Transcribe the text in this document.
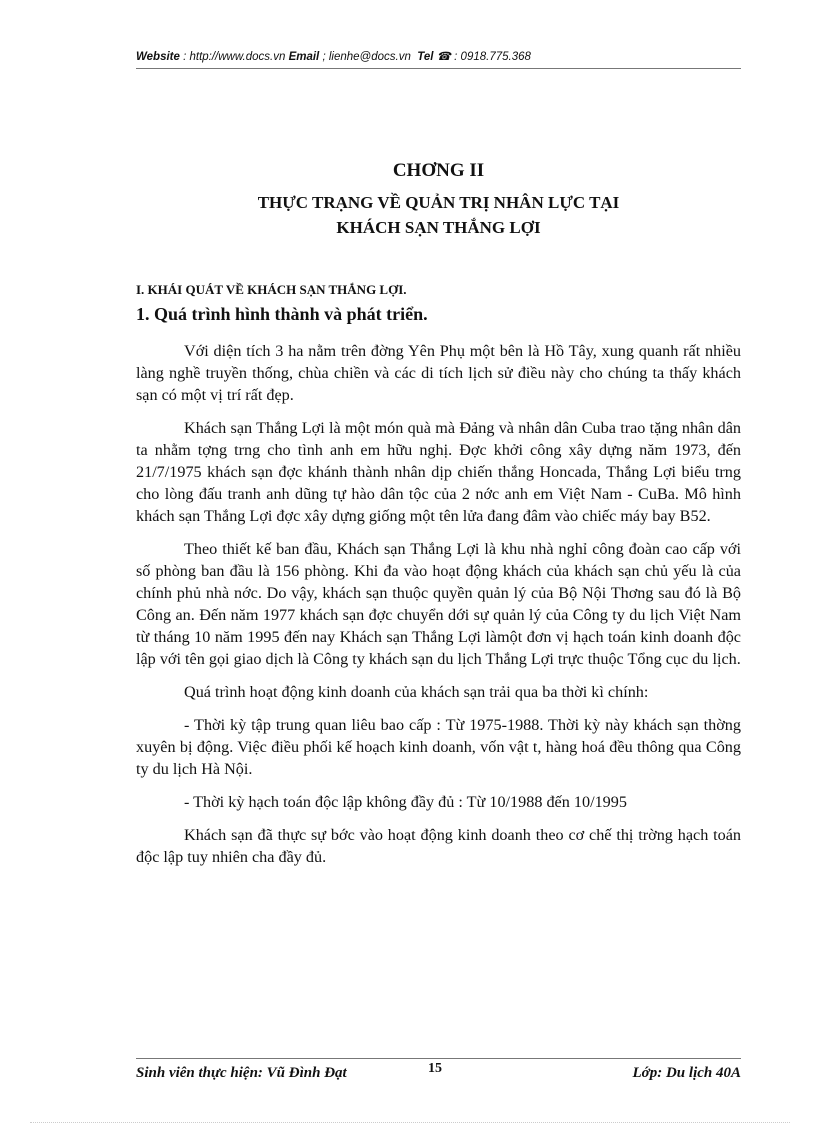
Website : http://www.docs.vn Email ; lienhe@docs.vn Tel ☎ : 0918.775.368
CHƠNG II
THỰC TRẠNG VỀ QUẢN TRỊ NHÂN LỰC TẠI
KHÁCH SẠN THẮNG LỢI
I. KHÁI QUÁT VỀ KHÁCH SẠN THẮNG LỢI.
1. Quá trình hình thành và phát triển.

Với diện tích 3 ha nằm trên đờng Yên Phụ một bên là Hồ Tây, xung quanh rất nhiều làng nghề truyền thống, chùa chiền và các di tích lịch sử điều này cho chúng ta thấy khách sạn có một vị trí rất đẹp.

Khách sạn Thắng Lợi là một món quà mà Đảng và nhân dân Cuba trao tặng nhân dân ta nhằm tợng trng cho tình anh em hữu nghị. Đợc khởi công xây dựng năm 1973, đến 21/7/1975 khách sạn đợc khánh thành nhân dịp chiến thắng Honcada, Thắng Lợi biểu trng cho lòng đấu tranh anh dũng tự hào dân tộc của 2 nớc anh em Việt Nam - CuBa. Mô hình khách sạn Thắng Lợi đợc xây dựng giống một tên lửa đang đâm vào chiếc máy bay B52.

Theo thiết kế ban đầu, Khách sạn Thắng Lợi là khu nhà nghỉ công đoàn cao cấp với số phòng ban đầu là 156 phòng. Khi đa vào hoạt động khách của khách sạn chủ yếu là của chính phủ nhà nớc. Do vậy, khách sạn thuộc quyền quản lý của Bộ Nội Thơng sau đó là Bộ Công an. Đến năm 1977 khách sạn đợc chuyển dới sự quản lý của Công ty du lịch Việt Nam từ tháng 10 năm 1995 đến nay Khách sạn Thắng Lợi làmột đơn vị hạch toán kinh doanh độc lập với tên gọi giao dịch là Công ty khách sạn du lịch Thắng Lợi trực thuộc Tổng cục du lịch.

Quá trình hoạt động kinh doanh của khách sạn trải qua ba thời kì chính:

- Thời kỳ tập trung quan liêu bao cấp : Từ 1975-1988. Thời kỳ này khách sạn thờng xuyên bị động. Việc điều phối kế hoạch kinh doanh, vốn vật t, hàng hoá đều thông qua Công ty du lịch Hà Nội.

- Thời kỳ hạch toán độc lập không đầy đủ : Từ 10/1988 đến 10/1995

Khách sạn đã thực sự bớc vào hoạt động kinh doanh theo cơ chế thị trờng hạch toán độc lập tuy nhiên cha đầy đủ.

Sinh viên thực hiện: Vũ Đình Đạt	15	Lớp: Du lịch 40A
